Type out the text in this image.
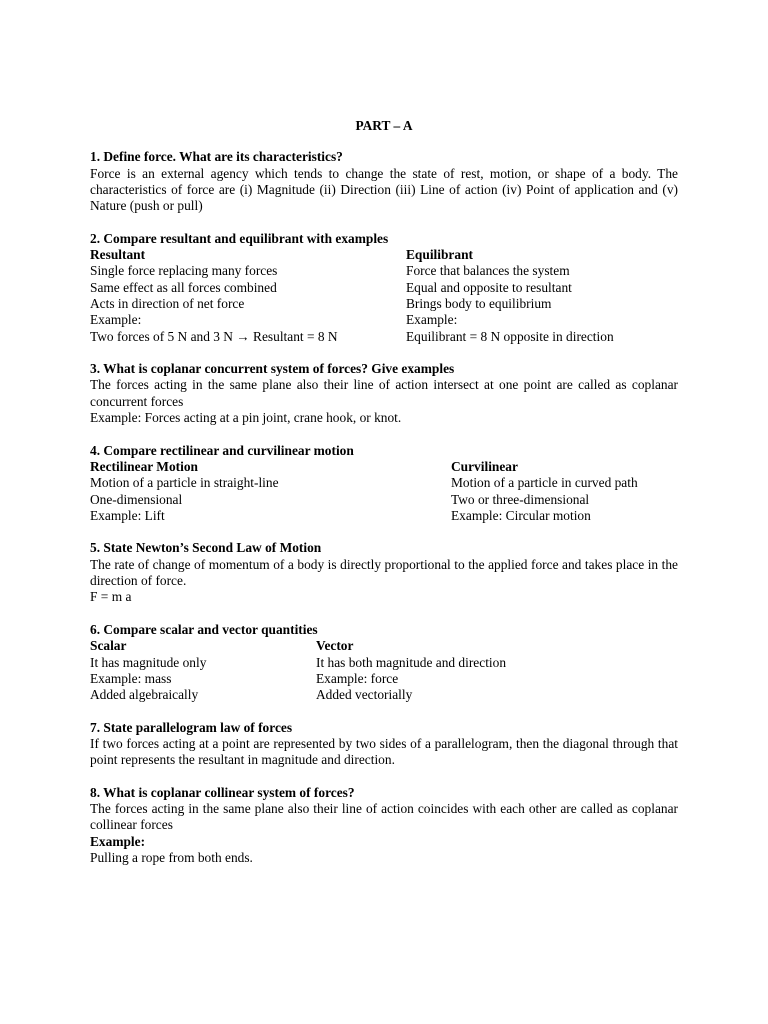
PART – A
1. Define force. What are its characteristics?
Force is an external agency which tends to change the state of rest, motion, or shape of a body. The characteristics of force are (i) Magnitude (ii) Direction (iii) Line of action (iv) Point of application and (v) Nature (push or pull)
2. Compare resultant and equilibrant with examples
Resultant	Equilibrant
Single force replacing many forces	Force that balances the system
Same effect as all forces combined	Equal and opposite to resultant
Acts in direction of net force	Brings body to equilibrium
Example:	Example:
Two forces of 5 N and 3 N → Resultant = 8 N	Equilibrant = 8 N opposite in direction
3. What is coplanar concurrent system of forces? Give examples
The forces acting in the same plane also their line of action intersect at one point are called as coplanar concurrent forces
Example: Forces acting at a pin joint, crane hook, or knot.
4. Compare rectilinear and curvilinear motion
Rectilinear Motion	Curvilinear
Motion of a particle in straight-line	Motion of a particle in curved path
One-dimensional	Two or three-dimensional
Example: Lift	Example: Circular motion
5. State Newton’s Second Law of Motion
The rate of change of momentum of a body is directly proportional to the applied force and takes place in the direction of force.
F = m a
6. Compare scalar and vector quantities
Scalar	Vector
It has magnitude only	It has both magnitude and direction
Example: mass	Example: force
Added algebraically	Added vectorially
7. State parallelogram law of forces
If two forces acting at a point are represented by two sides of a parallelogram, then the diagonal through that point represents the resultant in magnitude and direction.
8. What is coplanar collinear system of forces?
The forces acting in the same plane also their line of action coincides with each other are called as coplanar collinear forces
Example:
Pulling a rope from both ends.
